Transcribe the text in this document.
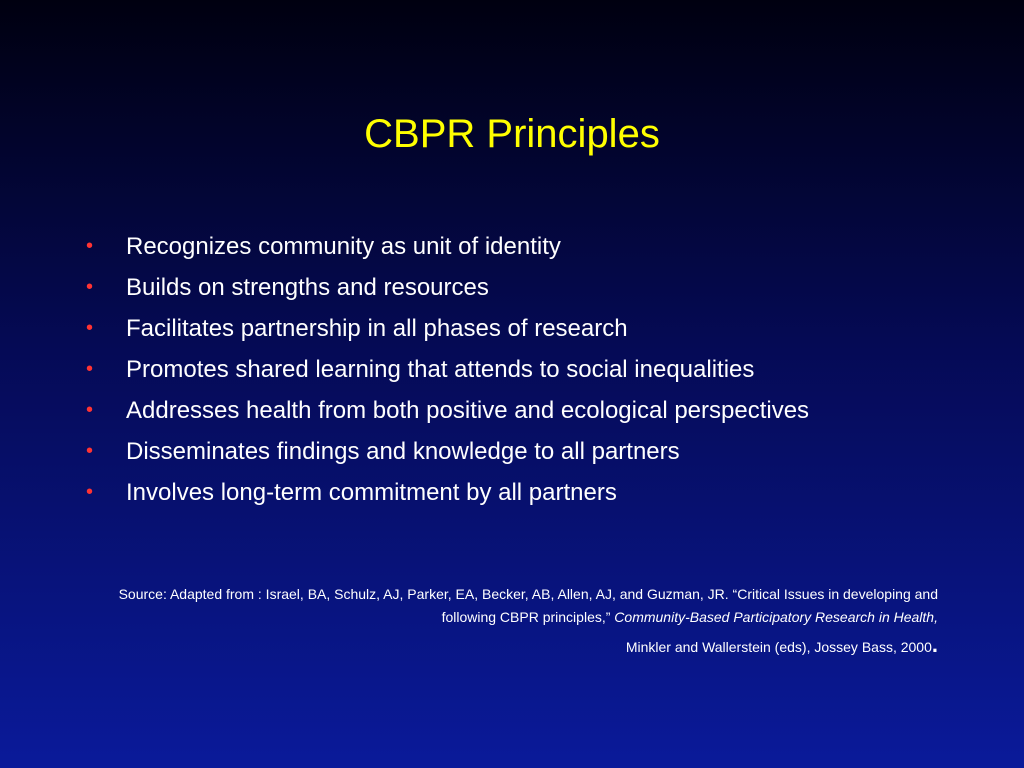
CBPR Principles
• Recognizes community as unit of identity
• Builds on strengths and resources
• Facilitates partnership in all phases of research
• Promotes shared learning that attends to social inequalities
• Addresses health from both positive and ecological perspectives
• Disseminates findings and knowledge to all partners
• Involves long-term commitment by all partners
Source: Adapted from : Israel, BA, Schulz, AJ, Parker, EA, Becker, AB, Allen, AJ, and Guzman, JR. “Critical Issues in developing and following CBPR principles,” Community-Based Participatory Research in Health,
Minkler and Wallerstein (eds), Jossey Bass, 2000.
